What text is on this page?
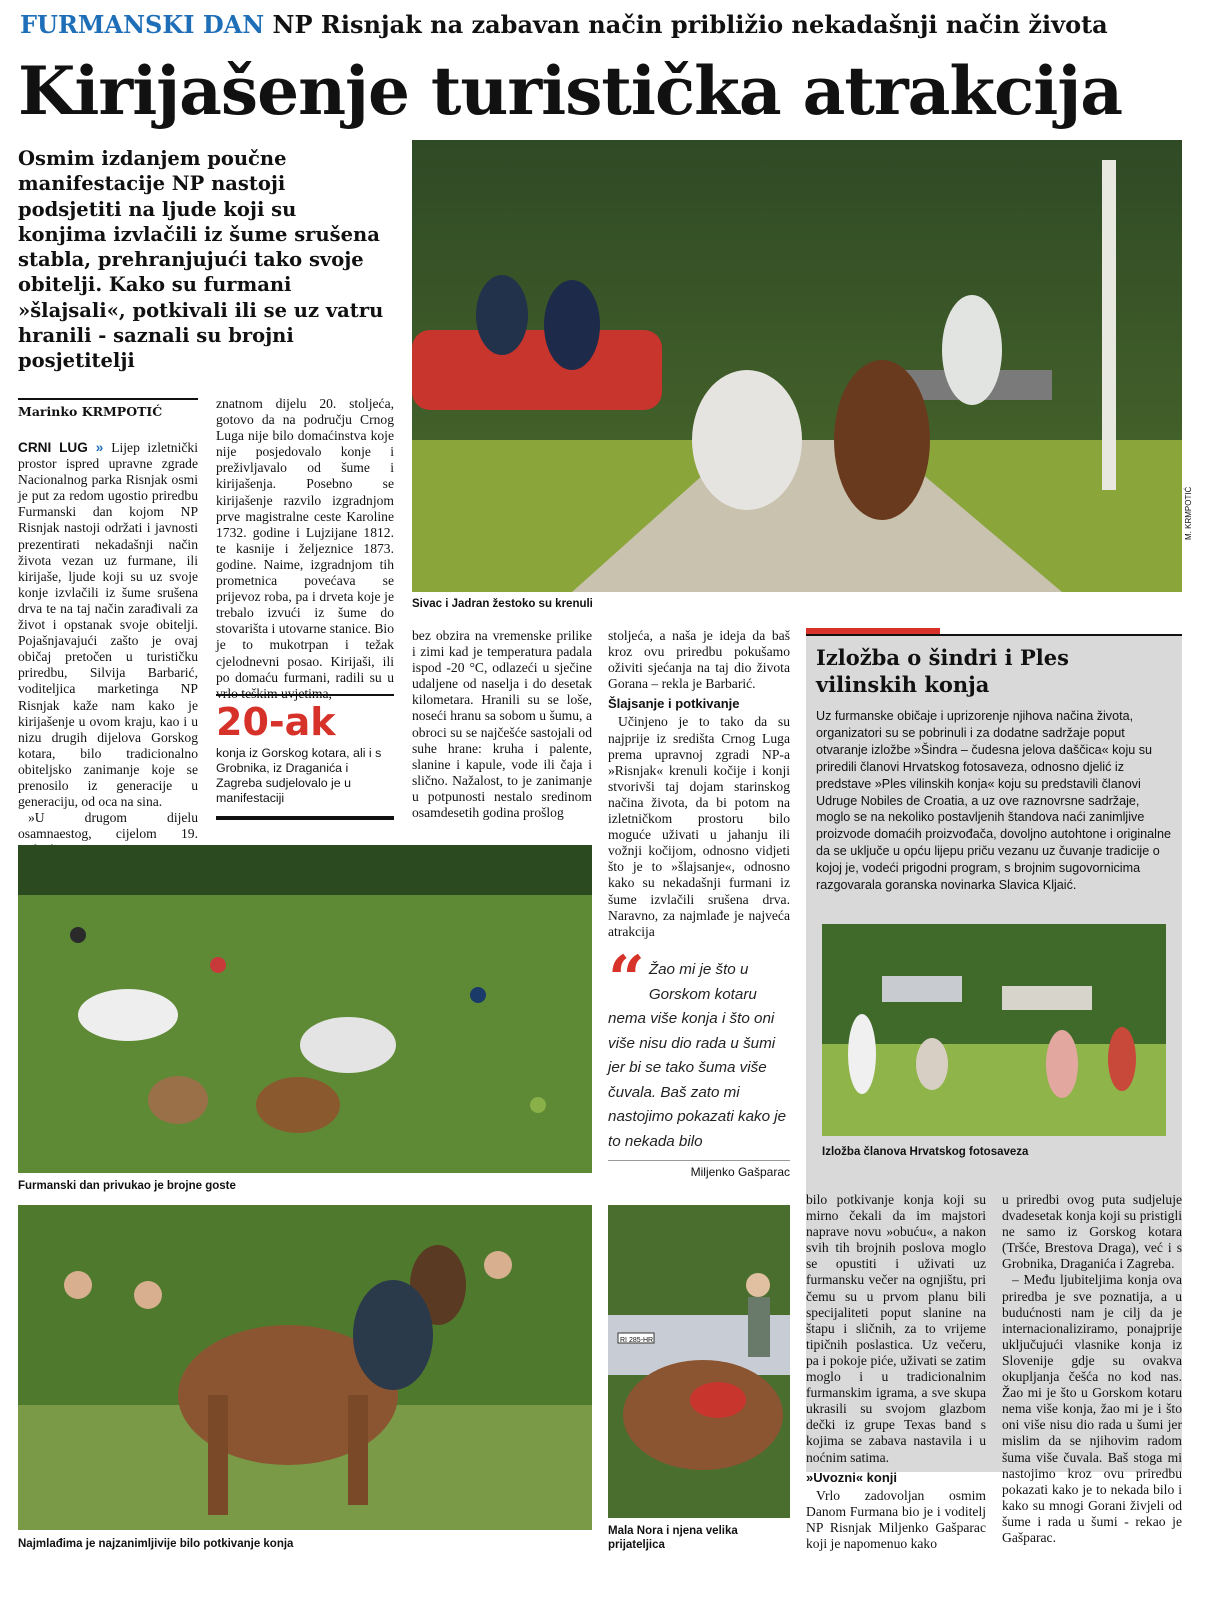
FURMANSKI DAN NP Risnjak na zabavan način približio nekadašnji način života
Kirijašenje turistička atrakcija
Osmim izdanjem poučne manifestacije NP nastoji podsjetiti na ljude koji su konjima izvlačili iz šume srušena stabla, prehranjujući tako svoje obitelji. Kako su furmani »šlajsali«, potkivali ili se uz vatru hranili - saznali su brojni posjetitelji
Marinko KRMPOTIĆ
M. KRMPOTIĆ
Sivac i Jadran žestoko su krenuli

CRNI LUG » Lijep izletnički prostor ispred upravne zgrade Nacionalnog parka Risnjak osmi je put za redom ugostio priredbu Furmanski dan kojom NP Risnjak nastoji održati i javnosti prezentirati nekadašnji način života vezan uz furmane, ili kirijaše, ljude koji su uz svoje konje izvlačili iz šume srušena drva te na taj način zarađivali za život i opstanak svoje obitelji. Pojašnjavajući zašto je ovaj običaj pretočen u turističku priredbu, Silvija Barbarić, voditeljica marketinga NP Risnjak kaže nam kako je kirijašenje u ovom kraju, kao i u nizu drugih dijelova Gorskog kotara, bilo tradicionalno obiteljsko zanimanje koje se prenosilo iz generacije u generaciju, od oca na sina.

»U drugom dijelu osamnaestog, cijelom 19.

znatnom dijelu 20. stoljeća, gotovo da na području Crnog Luga nije bilo domaćinstva koje nije posjedovalo konje i preživljavalo od šume i kirijašenja. Posebno se kirijašenje razvilo izgradnjom prve magistralne ceste Karoline 1732. godine i Lujzijane 1812. te kasnije i željeznice 1873. godine. Naime, izgradnjom tih prometnica povećava se prijevoz roba, pa i drveta koje je trebalo izvući iz šume do stovarišta i utovarne stanice. Bio je to mukotrpan i težak cjelodnevni posao. Kirijaši, ili po domaću furmani, radili su u vrlo teškim uvjetima,

20-ak
konja iz Gorskog kotara, ali i s Grobnika, iz Draganića i Zagreba sudjelovalo je u manifestaciji

bez obzira na vremenske prilike i zimi kad je temperatura padala ispod -20 °C, odlazeći u sječine udaljene od naselja i do desetak kilometara. Hranili su se loše, noseći hranu sa sobom u šumu, a obroci su se najčešće sastojali od suhe hrane: kruha i palente, slanine i kapule, vode ili čaja i slično. Nažalost, to je zanimanje u potpunosti nestalo sredinom osamdesetih godina prošlog

stoljeća, a naša je ideja da baš kroz ovu priredbu pokušamo oživiti sjećanja na taj dio života Gorana – rekla je Barbarić.

Šlajsanje i potkivanje

Učinjeno je to tako da su najprije iz središta Crnog Luga prema upravnoj zgradi NP-a »Risnjak« krenuli kočije i konji stvorivši taj dojam starinskog načina života, da bi potom na izletničkom prostoru bilo moguće uživati u jahanju ili vožnji kočijom, odnosno vidjeti što je to »šlajsanje«, odnosno kako su nekadašnji furmani iz šume izvlačili srušena drva. Naravno, za najmlađe je najveća atrakcija

“ Žao mi je što u Gorskom kotaru nema više konja i što oni više nisu dio rada u šumi jer bi se tako šuma više čuvala. Baš zato mi nastojimo pokazati kako je to nekada bilo
Miljenko Gašparac
Izložba o šindri i Ples vilinskih konja
Uz furmanske običaje i uprizorenje njihova načina života, organizatori su se pobrinuli i za dodatne sadržaje poput otvaranje izložbe »Šindra – čudesna jelova daščica« koju su priredili članovi Hrvatskog fotosaveza, odnosno djelić iz predstave »Ples vilinskih konja« koju su predstavili članovi Udruge Nobiles de Croatia, a uz ove raznovrsne sadržaje, moglo se na nekoliko postavljenih štandova naći zanimljive proizvode domaćih proizvođača, dovoljno autohtone i originalne da se uključe u opću lijepu priču vezanu uz čuvanje tradicije o kojoj je, vodeći prigodni program, s brojnim sugovornicima razgovarala goranska novinarka Slavica Kljaić.
Izložba članova Hrvatskog fotosaveza
Furmanski dan privukao je brojne goste
Najmlađima je najzanimljivije bilo potkivanje konja
RI 285-HR
Mala Nora i njena velika prijateljica

bilo potkivanje konja koji su mirno čekali da im majstori naprave novu »obuću«, a nakon svih tih brojnih poslova moglo se opustiti i uživati uz furmansku večer na ognjištu, pri čemu su u prvom planu bili specijaliteti poput slanine na štapu i sličnih, za to vrijeme tipičnih poslastica. Uz večeru, pa i pokoje piće, uživati se zatim moglo i u tradicionalnim furmanskim igrama, a sve skupa ukrasili su svojom glazbom dečki iz grupe Texas band s kojima se zabava nastavila i u noćnim satima.

»Uvozni« konji

Vrlo zadovoljan osmim Danom Furmana bio je i voditelj NP Risnjak Miljenko Gašparac koji je napomenuo kako

u priredbi ovog puta sudjeluje dvadesetak konja koji su pristigli ne samo iz Gorskog kotara (Tršće, Brestova Draga), već i s Grobnika, Draganića i Zagreba.

– Među ljubiteljima konja ova priredba je sve poznatija, a u budućnosti nam je cilj da je internacionaliziramo, ponajprije uključujući vlasnike konja iz Slovenije gdje su ovakva okupljanja češća no kod nas. Žao mi je što u Gorskom kotaru nema više konja, žao mi je i što oni više nisu dio rada u šumi jer mislim da se njihovim radom šuma više čuvala. Baš stoga mi nastojimo kroz ovu priredbu pokazati kako je to nekada bilo i kako su mnogi Gorani živjeli od šume i rada u šumi - rekao je Gašparac.
